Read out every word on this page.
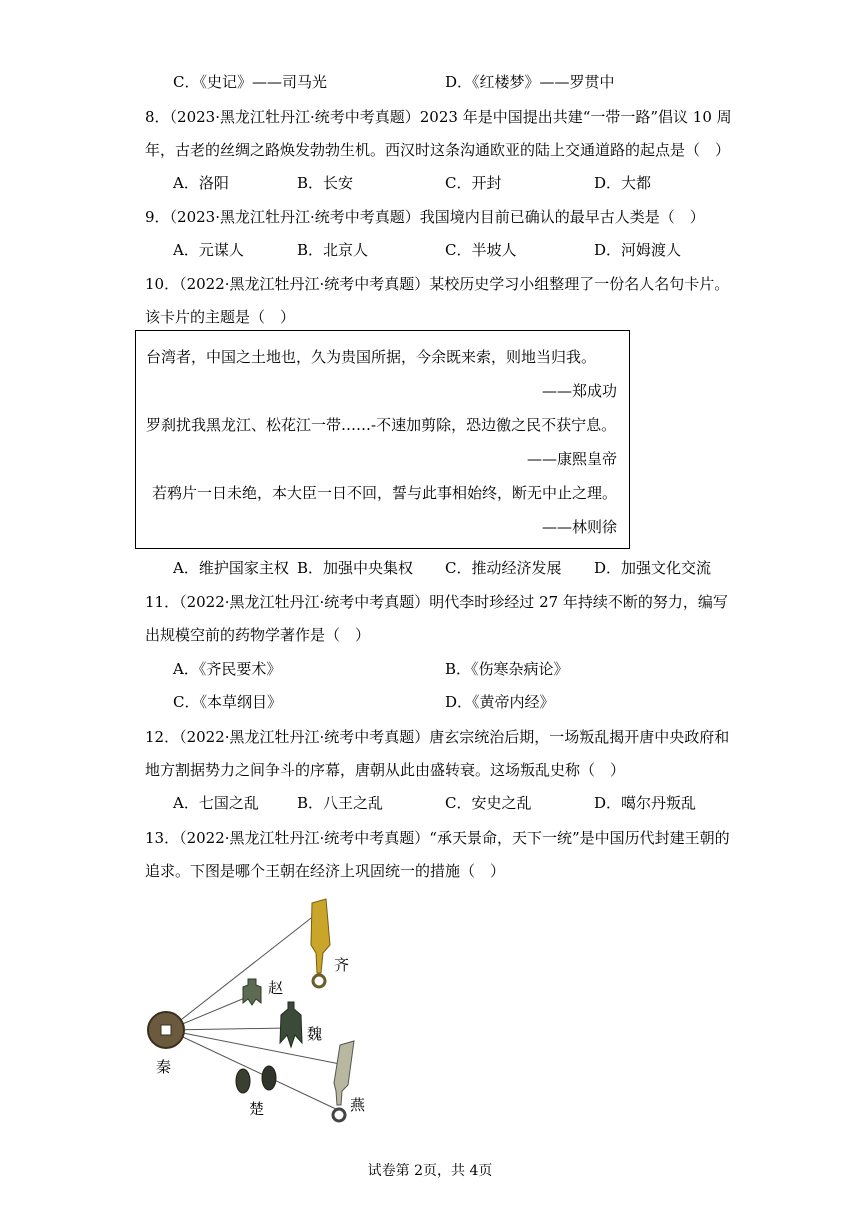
C．《史记》——司马光	D．《红楼梦》——罗贯中
8．（2023·黑龙江牡丹江·统考中考真题）2023 年是中国提出共建“一带一路”倡议 10 周
年，古老的丝绸之路焕发勃勃生机。西汉时这条沟通欧亚的陆上交通道路的起点是（　）
A．洛阳	B．长安	C．开封	D．大都
9．（2023·黑龙江牡丹江·统考中考真题）我国境内目前已确认的最早古人类是（　）
A．元谋人	B．北京人	C．半坡人	D．河姆渡人
10．（2022·黑龙江牡丹江·统考中考真题）某校历史学习小组整理了一份名人名句卡片。
该卡片的主题是（　）
台湾者，中国之土地也，久为贵国所据，今余既来索，则地当归我。
——郑成功
罗刹扰我黑龙江、松花江一带……-不速加剪除，恐边徼之民不获宁息。
——康熙皇帝
若鸦片一日未绝，本大臣一日不回，誓与此事相始终，断无中止之理。
——林则徐
A．维护国家主权 B．加强中央集权 C．推动经济发展 D．加强文化交流
11．（2022·黑龙江牡丹江·统考中考真题）明代李时珍经过 27 年持续不断的努力，编写
出规模空前的药物学著作是（　）
A．《齐民要术》	B．《伤寒杂病论》
C．《本草纲目》	D．《黄帝内经》
12．（2022·黑龙江牡丹江·统考中考真题）唐玄宗统治后期，一场叛乱揭开唐中央政府和
地方割据势力之间争斗的序幕，唐朝从此由盛转衰。这场叛乱史称（　）
A．七国之乱	B．八王之乱	C．安史之乱	D．噶尔丹叛乱
13．（2022·黑龙江牡丹江·统考中考真题）“承天景命，天下一统”是中国历代封建王朝的
追求。下图是哪个王朝在经济上巩固统一的措施（　）
齐
赵
魏
秦
楚	燕
试卷第 2页，共 4页
